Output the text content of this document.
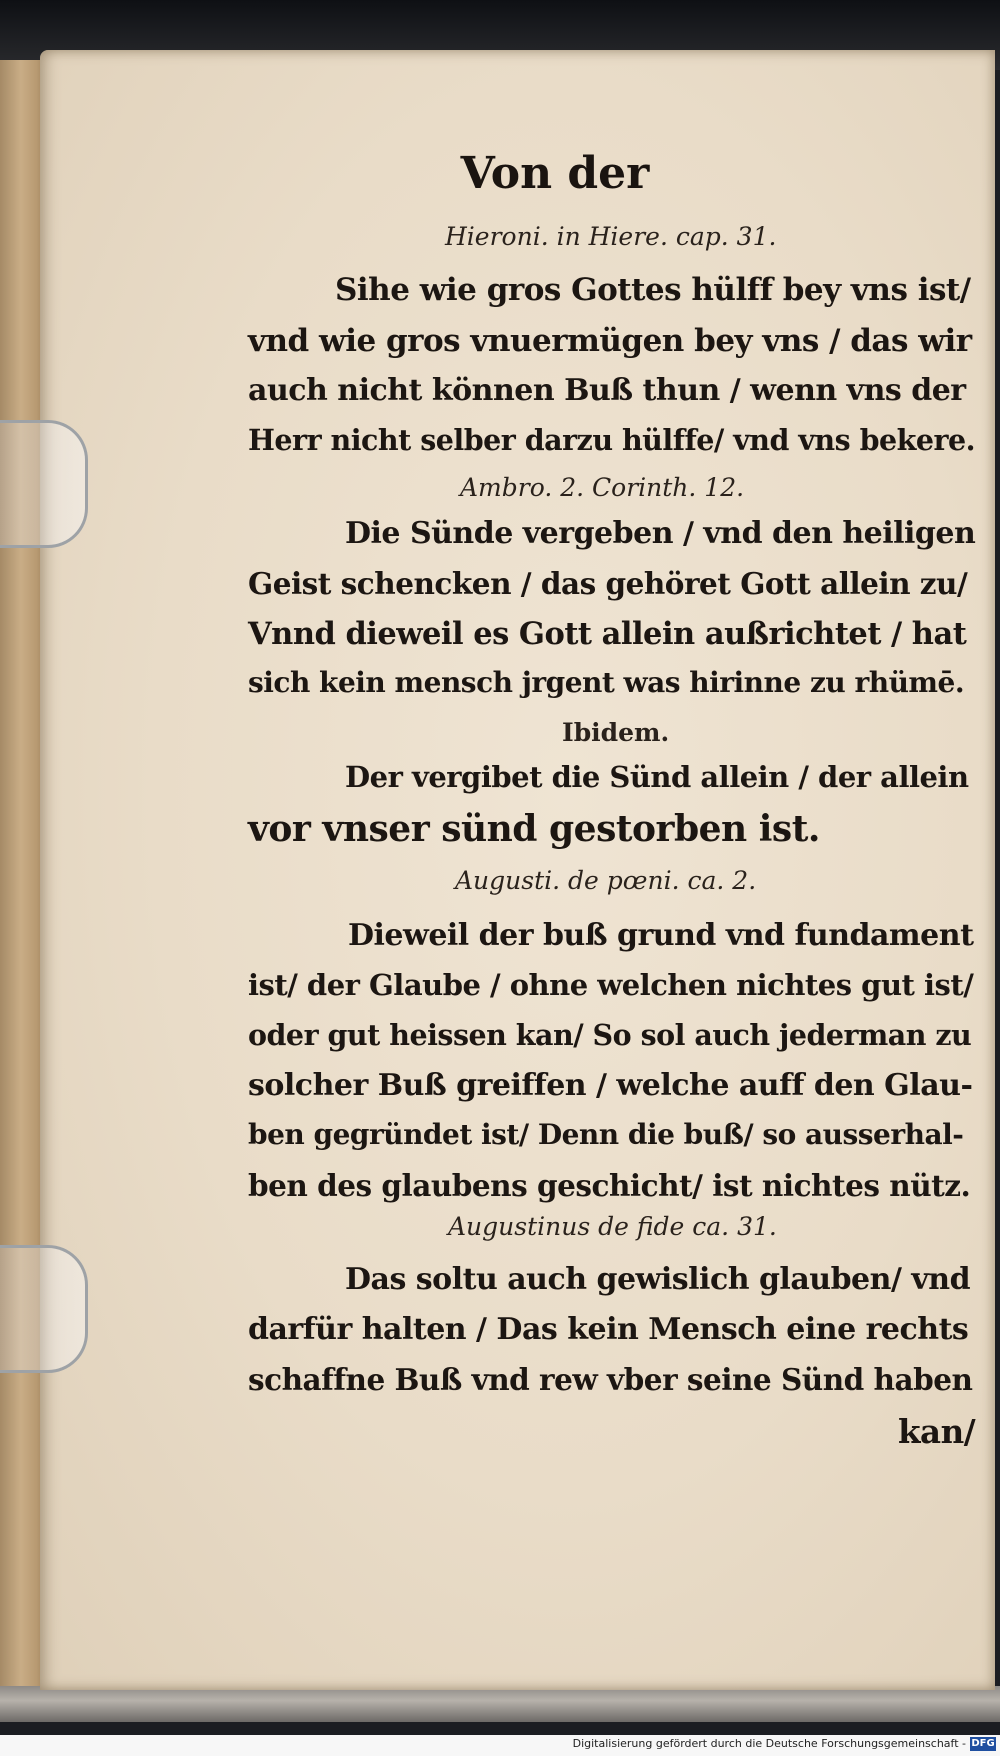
Von der
Hieroni. in Hiere. cap. 31.
Sihe wie gros Gottes hülff bey vns ist/
vnd wie gros vnuermügen bey vns / das wir
auch nicht können Buß thun / wenn vns der
Herr nicht selber darzu hülffe/ vnd vns bekere.
Ambro. 2. Corinth. 12.
Die Sünde vergeben / vnd den heiligen
Geist schencken / das gehöret Gott allein zu/
Vnnd dieweil es Gott allein außrichtet / hat
sich kein mensch jrgent was hirinne zu rhümē.
Ibidem.
Der vergibet die Sünd allein / der allein
vor vnser sünd gestorben ist.
Augusti. de pœni. ca. 2.
Dieweil der buß grund vnd fundament
ist/ der Glaube / ohne welchen nichtes gut ist/
oder gut heissen kan/ So sol auch jederman zu
solcher Buß greiffen / welche auff den Glau-
ben gegründet ist/ Denn die buß/ so ausserhal-
ben des glaubens geschicht/ ist nichtes nütz.
Augustinus de fide ca. 31.
Das soltu auch gewislich glauben/ vnd
darfür halten / Das kein Mensch eine rechts
schaffne Buß vnd rew vber seine Sünd haben
kan/
Digitalisierung gefördert durch die Deutsche Forschungsgemeinschaft - DFG
